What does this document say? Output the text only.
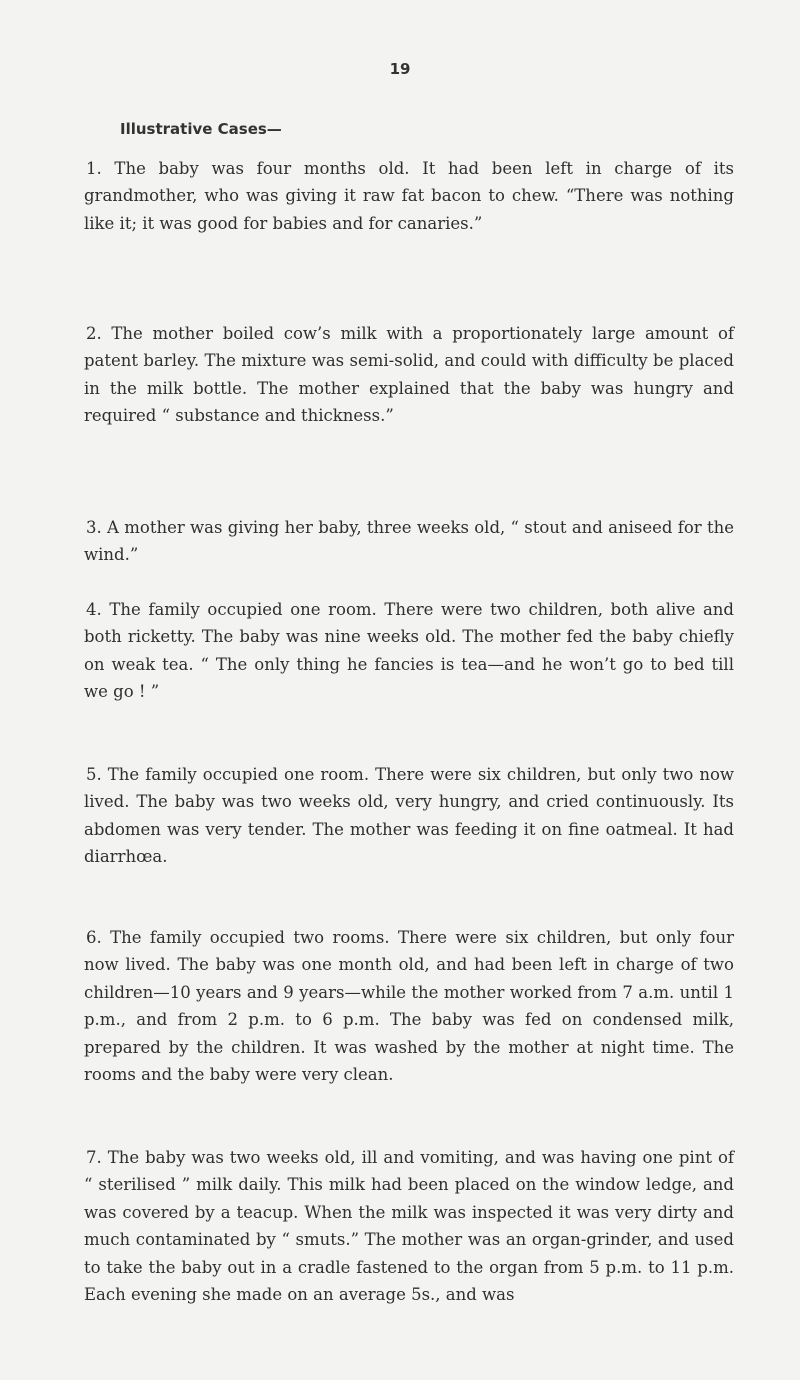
19
Illustrative Cases—

1. The baby was four months old. It had been left in charge of its grandmother, who was giving it raw fat bacon to chew. “There was nothing like it; it was good for babies and for canaries.”

2. The mother boiled cow’s milk with a proportionately large amount of patent barley. The mixture was semi-solid, and could with difficulty be placed in the milk bottle. The mother explained that the baby was hungry and required “ substance and thickness.”

3. A mother was giving her baby, three weeks old, “ stout and aniseed for the wind.”

4. The family occupied one room. There were two children, both alive and both ricketty. The baby was nine weeks old. The mother fed the baby chiefly on weak tea. “ The only thing he fancies is tea—and he won’t go to bed till we go ! ”

5. The family occupied one room. There were six children, but only two now lived. The baby was two weeks old, very hungry, and cried continuously. Its abdomen was very tender. The mother was feeding it on fine oatmeal. It had diarrhœa.

6. The family occupied two rooms. There were six children, but only four now lived. The baby was one month old, and had been left in charge of two children—10 years and 9 years—while the mother worked from 7 a.m. until 1 p.m., and from 2 p.m. to 6 p.m. The baby was fed on condensed milk, prepared by the children. It was washed by the mother at night time. The rooms and the baby were very clean.

7. The baby was two weeks old, ill and vomiting, and was having one pint of “ sterilised ” milk daily. This milk had been placed on the window ledge, and was covered by a teacup. When the milk was inspected it was very dirty and much contaminated by “ smuts.” The mother was an organ-grinder, and used to take the baby out in a cradle fastened to the organ from 5 p.m. to 11 p.m. Each evening she made on an average 5s., and was
